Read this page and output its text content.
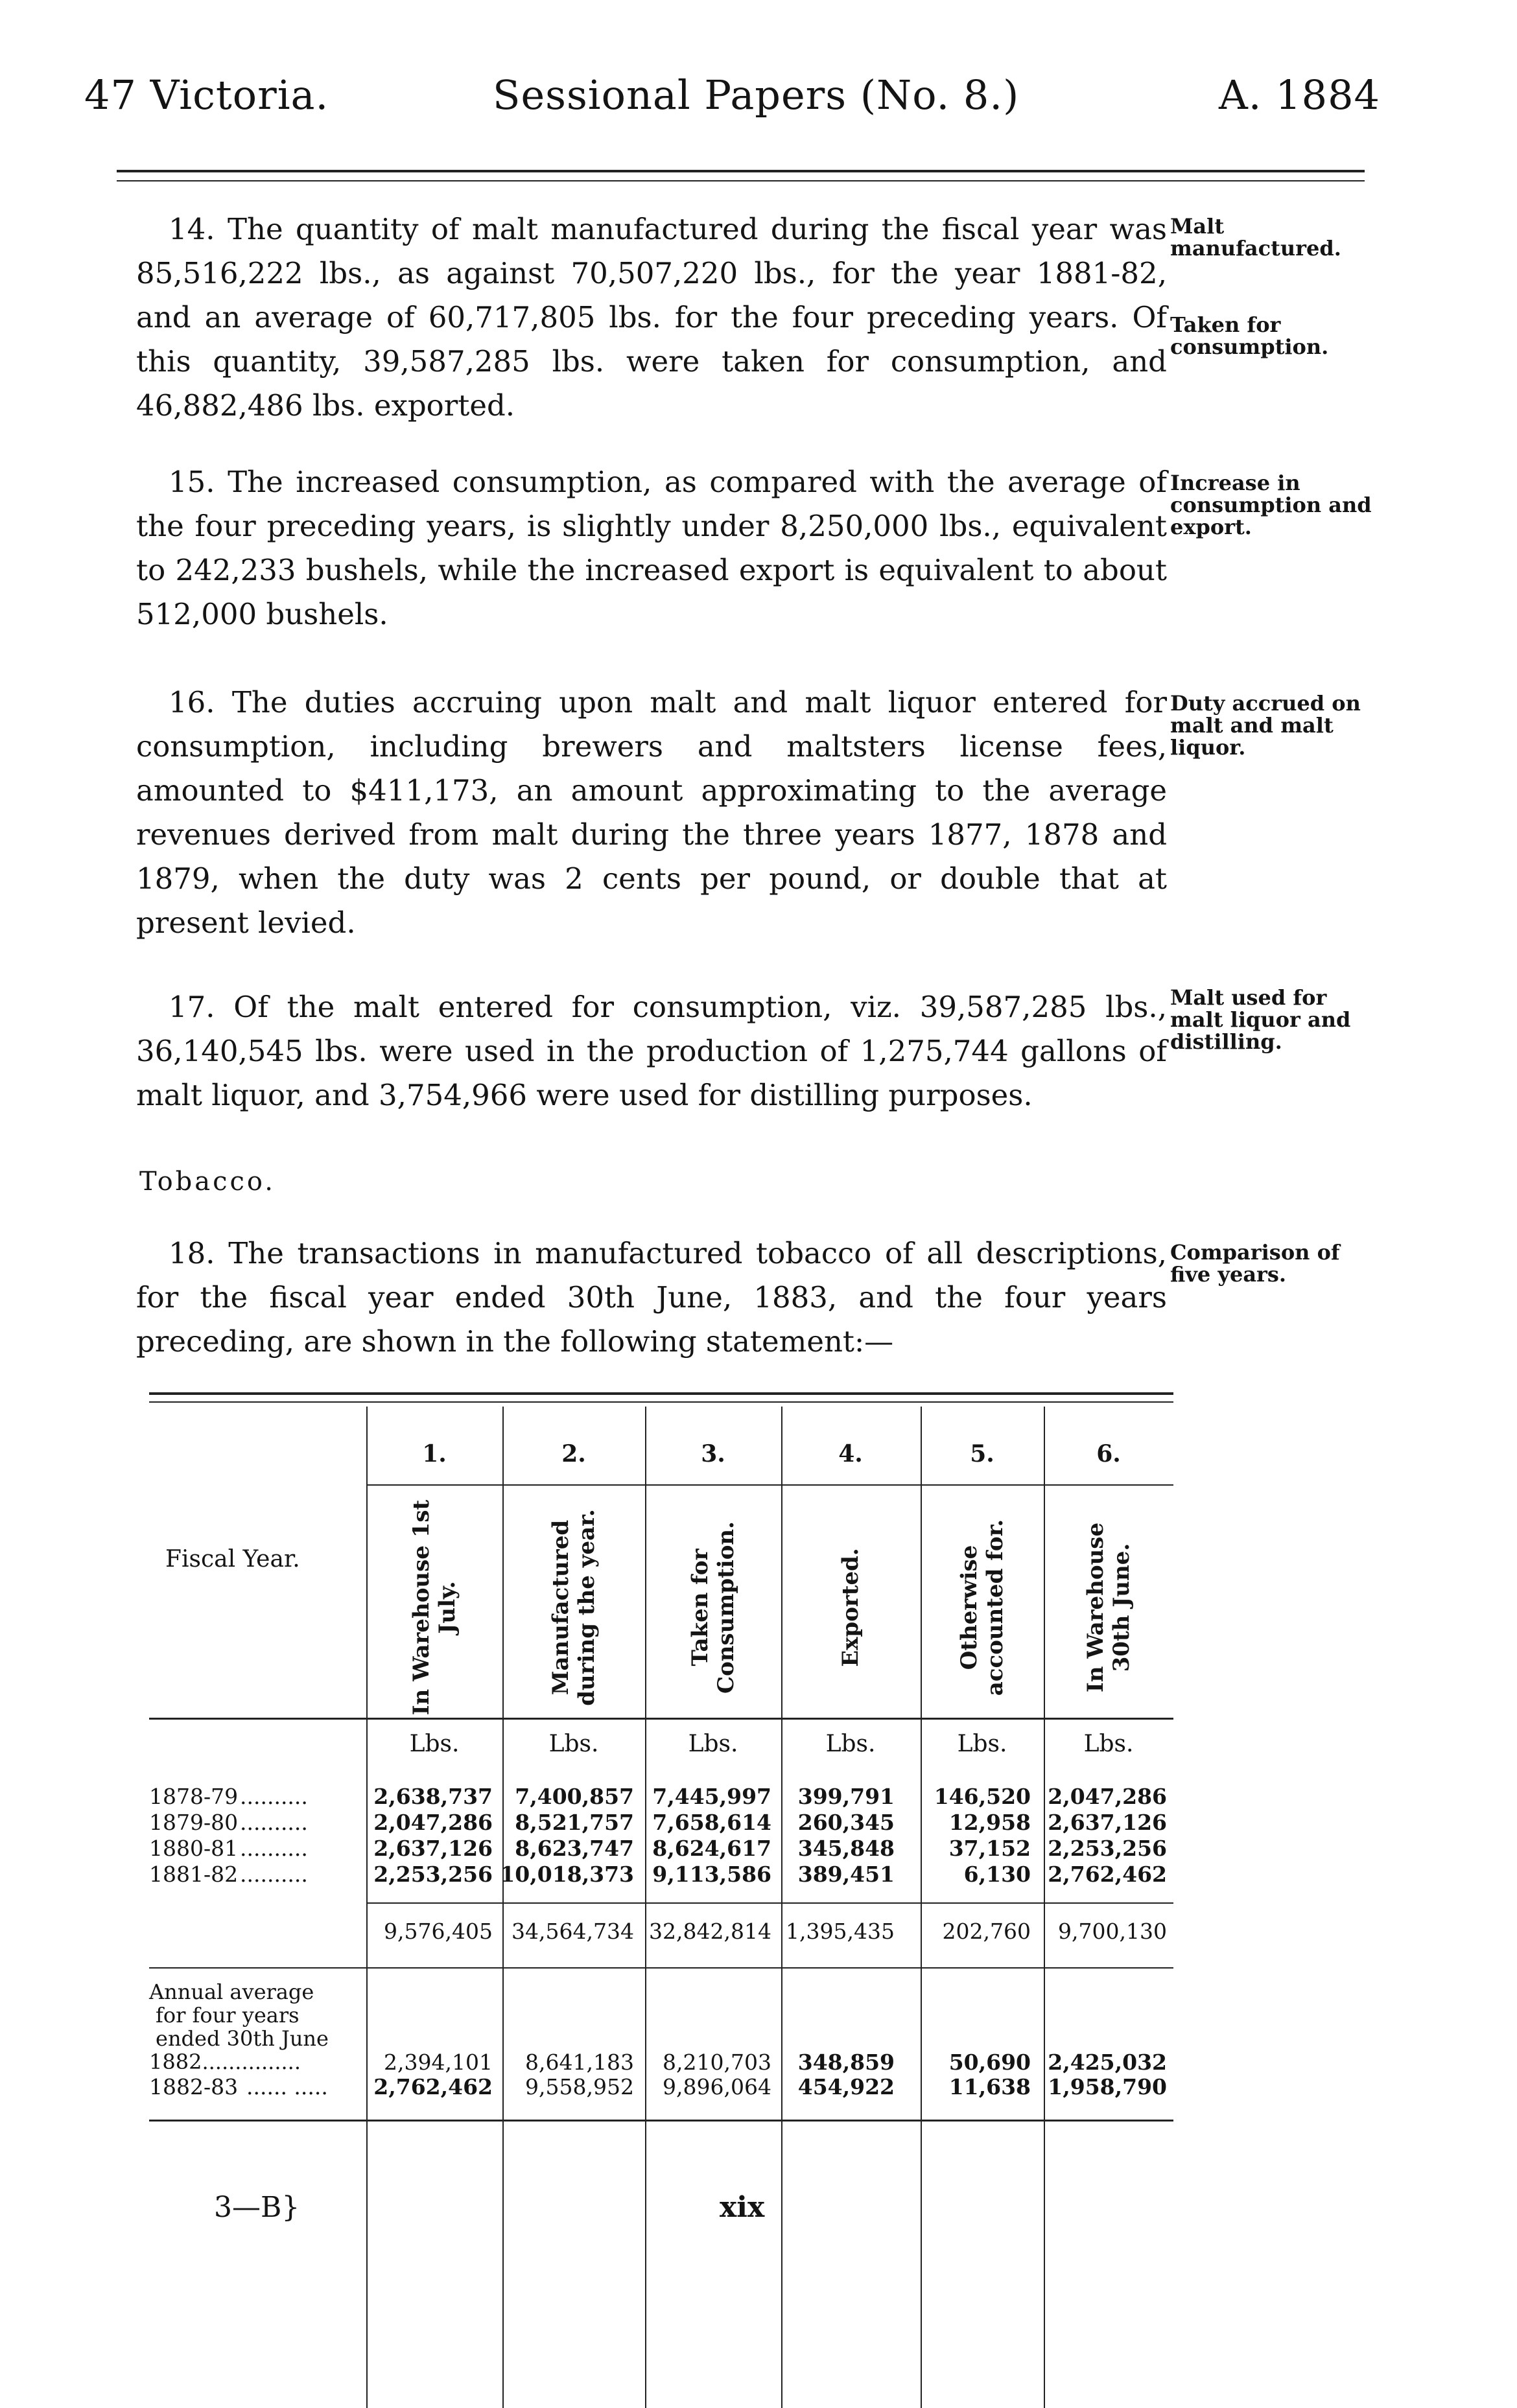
47 Victoria.	Sessional Papers (No. 8.)	A. 1884

14. The quantity of malt manufactured during the fiscal year was 85,516,222 lbs., as against 70,507,220 lbs., for the year 1881-82, and an average of 60,717,805 lbs. for the four preceding years. Of this quantity, 39,587,285 lbs. were taken for consumption, and 46,882,486 lbs. exported.

Malt manufactured.
Taken for consumption.

15. The increased consumption, as compared with the average of the four preceding years, is slightly under 8,250,000 lbs., equivalent to 242,233 bushels, while the increased export is equivalent to about 512,000 bushels.

Increase in consumption and export.

16. The duties accruing upon malt and malt liquor entered for consumption, including brewers and maltsters license fees, amounted to $411,173, an amount approximating to the average revenues derived from malt during the three years 1877, 1878 and 1879, when the duty was 2 cents per pound, or double that at present levied.

Duty accrued on malt and malt liquor.

17. Of the malt entered for consumption, viz. 39,587,285 lbs., 36,140,545 lbs. were used in the production of 1,275,744 gallons of malt liquor, and 3,754,966 were used for distilling purposes.

Malt used for malt liquor and distilling.
Tobacco.

18. The transactions in manufactured tobacco of all descriptions, for the fiscal year ended 30th June, 1883, and the four years preceding, are shown in the following statement:—

Comparison of five years.
1.	2.	3.	4.	5.	6.
Fiscal Year.	In Warehouse 1st July.	Manufactured during the year.	Taken for Consumption.	Exported.	Otherwise accounted for.	In Warehouse 30th June.
Lbs.	Lbs.	Lbs.	Lbs.	Lbs.	Lbs.
1878-79 ..........	2,638,737 7,400,857 7,445,997 399,791 146,520 2,047,286
1879-80 ..........	2,047,286 8,521,757 7,658,614 260,345	12,958 2,637,126
1880-81 ..........	2,637,126 8,623,747 8,624,617 345,848	37,152 2,253,256
1881-82 ..........	2,253,256 10,018,373 9,113,586 389,451	6,130 2,762,462
9,576,405 34,564,734 32,842,814 1,395,435 202,760 9,700,130
Annual average
for four years
ended 30th June
1882 ...............	2,394,101 8,641,183 8,210,703 348,859	50,690 2,425,032
1882-83 ...... ..... 2,762,462 9,558,952 9,896,064 454,922	11,638 1,958,790
3—B}	xix
